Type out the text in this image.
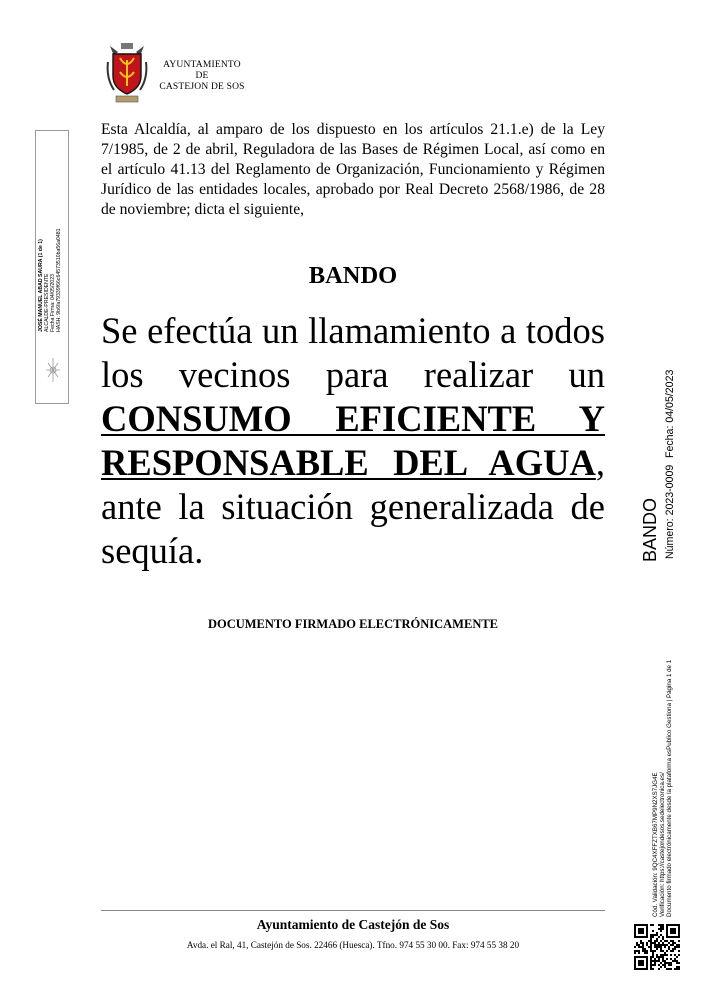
AYUNTAMIENTO
DE
CASTEJON DE SOS
Esta Alcaldía, al amparo de los dispuesto en los artículos 21.1.e) de la Ley 7/1985, de 2 de abril, Reguladora de las Bases de Régimen Local, así como en el artículo 41.13 del Reglamento de Organización, Funcionamiento y Régimen Jurídico de las entidades locales, aprobado por Real Decreto 2568/1986, de 28 de noviembre; dicta el siguiente,
BANDO
Se efectúa un llamamiento a todos los vecinos para realizar un CONSUMO EFICIENTE Y RESPONSABLE DEL AGUA, ante la situación generalizada de sequía.
DOCUMENTO FIRMADO ELECTRÓNICAMENTE
Ayuntamiento de Castejón de Sos
Avda. el Ral, 41, Castejón de Sos. 22466 (Huesca). Tfno. 974 55 30 00. Fax: 974 55 38 20
JOSÉ MANUEL ABAD SAURA (1 de 1) ALCALDE-PRESIDENTE Fecha Firma: 04/05/2023 HASH: 9b6fa79339f66c64573510ba56a0481
BANDO Número: 2023-0009
Fecha: 04/05/2023
Cód. Validación: 9QC4XFFZTXB67MP9N2XS7JG4E Verificación: https://castejondesos.sedelectronica.es/ Documento firmado electrónicamente desde la plataforma esPublico Gestiona | Página 1 de 1
